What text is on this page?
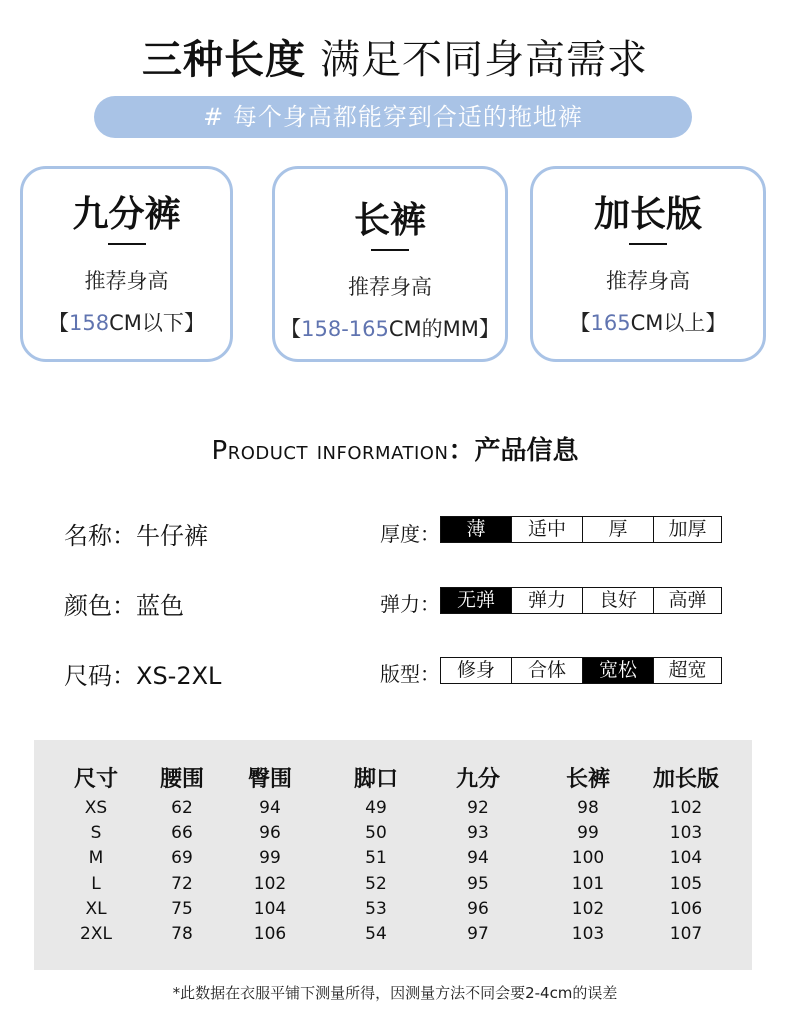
三种长度 满足不同身高需求
# 每个身高都能穿到合适的拖地裤
九分裤
推荐身高
【158CM以下】
长裤
推荐身高
【158-165CM的MM】
加长版
推荐身高
【165CM以上】
Product information：产品信息
名称：牛仔裤
颜色：蓝色
尺码：XS-2XL
厚度：	薄	适中	厚	加厚
弹力： 无弹	弹力	良好	高弹
版型： 修身	合体	宽松	超宽
尺寸	腰围	臀围	脚口	九分	长裤	加长版
XS	62	94	49	92	98	102
S	66	96	50	93	99	103
M	69	99	51	94	100	104
L	72	102	52	95	101	105
XL	75	104	53	96	102	106
2XL	78	106	54	97	103	107
*此数据在衣服平铺下测量所得，因测量方法不同会要2-4cm的误差
